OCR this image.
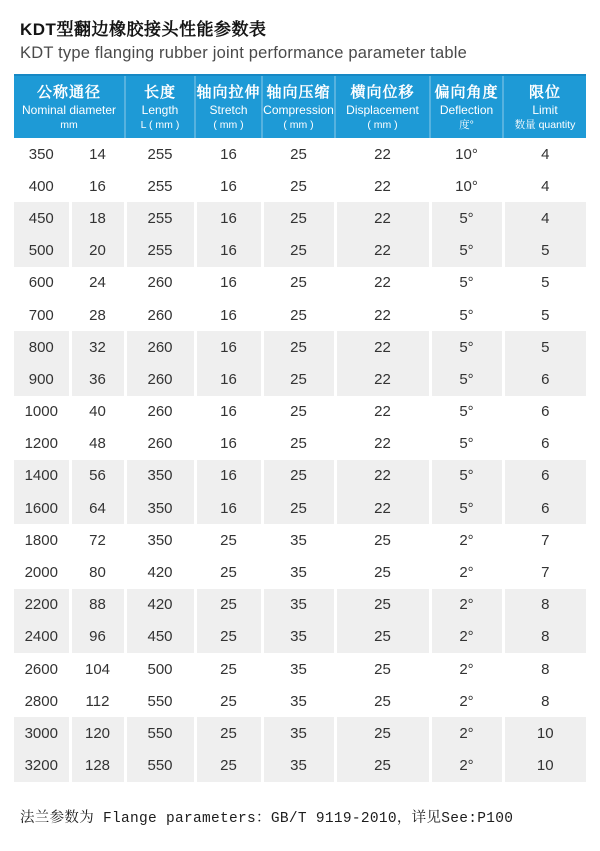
KDT型翻边橡胶接头性能参数表
KDT type flanging rubber joint performance parameter table
公称通径
Nominal diameter
mm

长度
Length
L ( mm )

轴向拉伸
Stretch
( mm )

轴向压缩
Compression
( mm )

横向位移
Displacement
( mm )

偏向角度
Deflection
度°

限位
Limit
数量 quantity

350	14	255	16	25	22	10°	4
400	16	255	16	25	22	10°	4
450	18	255	16	25	22	5°	4
500	20	255	16	25	22	5°	5
600	24	260	16	25	22	5°	5
700	28	260	16	25	22	5°	5
800	32	260	16	25	22	5°	5
900	36	260	16	25	22	5°	6
1000	40	260	16	25	22	5°	6
1200	48	260	16	25	22	5°	6
1400	56	350	16	25	22	5°	6
1600	64	350	16	25	22	5°	6
1800	72	350	25	35	25	2°	7
2000	80	420	25	35	25	2°	7
2200	88	420	25	35	25	2°	8
2400	96	450	25	35	25	2°	8
2600	104	500	25	35	25	2°	8
2800	112	550	25	35	25	2°	8
3000	120	550	25	35	25	2°	10
3200	128	550	25	35	25	2°	10

法兰参数为 Flange parameters：GB/T 9119-2010，详见See:P100
